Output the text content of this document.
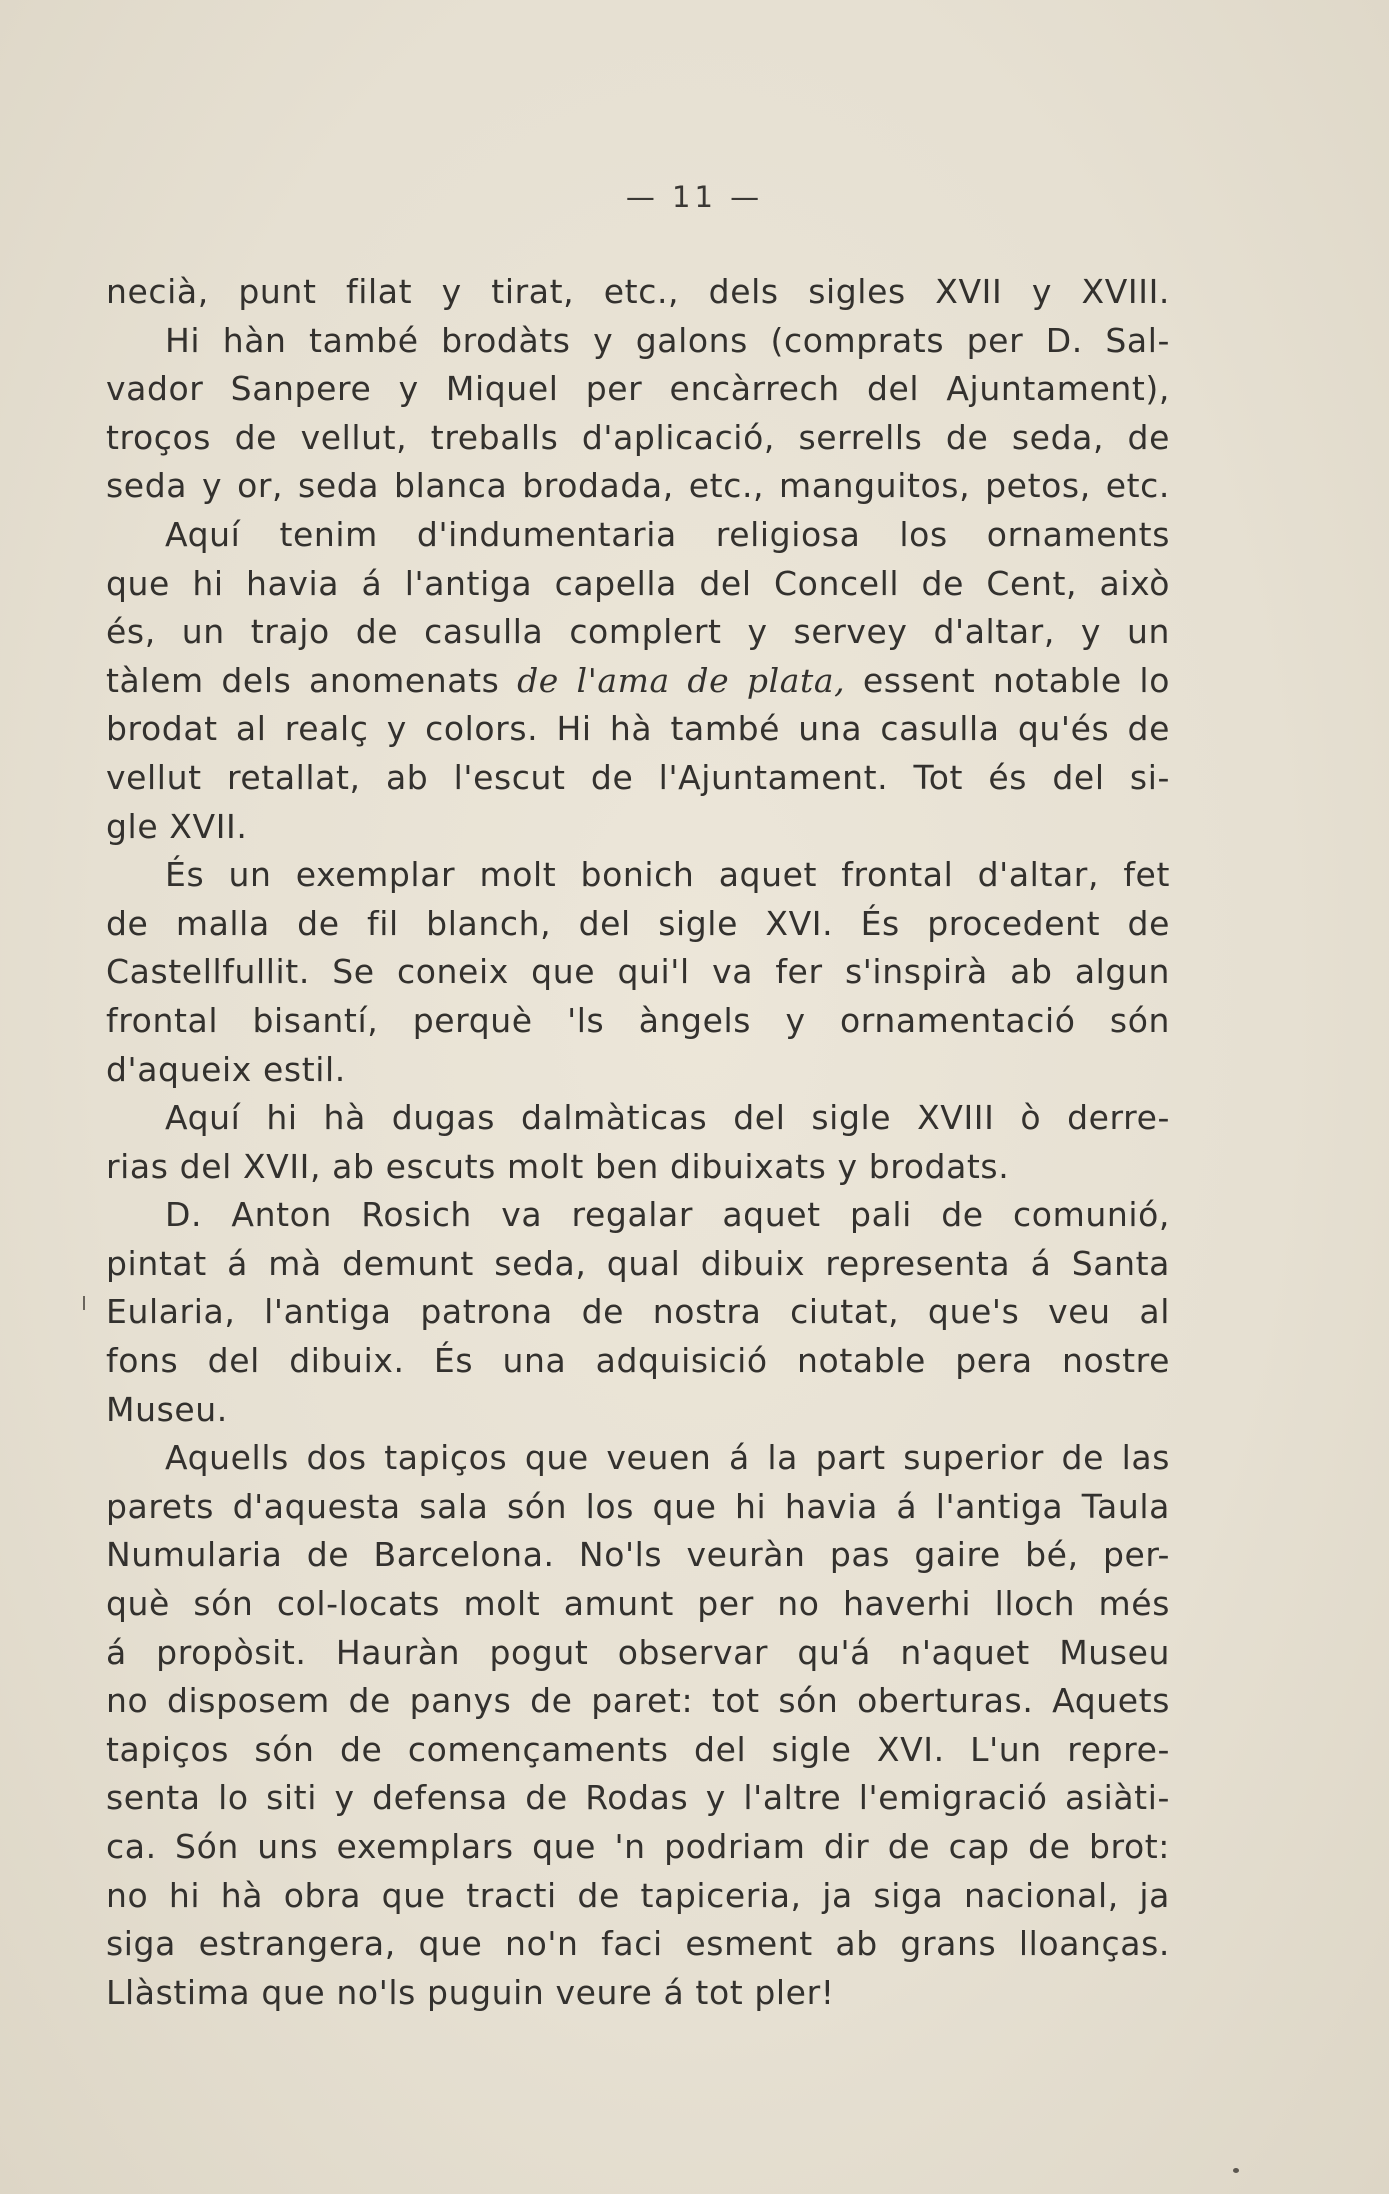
— 11 —
necià, punt filat y tirat, etc., dels sigles XVII y XVIII.
Hi hàn també brodàts y galons (comprats per D. Sal-
vador Sanpere y Miquel per encàrrech del Ajuntament),
troços de vellut, treballs d'aplicació, serrells de seda, de
seda y or, seda blanca brodada, etc., manguitos, petos, etc.
Aquí tenim d'indumentaria religiosa los ornaments
que hi havia á l'antiga capella del Concell de Cent, això
és, un trajo de casulla complert y servey d'altar, y un
tàlem dels anomenats de l'ama de plata, essent notable lo
brodat al realç y colors. Hi hà també una casulla qu'és de
vellut retallat, ab l'escut de l'Ajuntament. Tot és del si-
gle XVII.
És un exemplar molt bonich aquet frontal d'altar, fet
de malla de fil blanch, del sigle XVI. És procedent de
Castellfullit. Se coneix que qui'l va fer s'inspirà ab algun
frontal bisantí, perquè 'ls àngels y ornamentació són
d'aqueix estil.
Aquí hi hà dugas dalmàticas del sigle XVIII ò derre-
rias del XVII, ab escuts molt ben dibuixats y brodats.
D. Anton Rosich va regalar aquet pali de comunió,
pintat á mà demunt seda, qual dibuix representa á Santa
Eularia, l'antiga patrona de nostra ciutat, que's veu al
fons del dibuix. És una adquisició notable pera nostre
Museu.
Aquells dos tapiços que veuen á la part superior de las
parets d'aquesta sala són los que hi havia á l'antiga Taula
Numularia de Barcelona. No'ls veuràn pas gaire bé, per-
què són col-locats molt amunt per no haverhi lloch més
á propòsit. Hauràn pogut observar qu'á n'aquet Museu
no disposem de panys de paret: tot són oberturas. Aquets
tapiços són de començaments del sigle XVI. L'un repre-
senta lo siti y defensa de Rodas y l'altre l'emigració asiàti-
ca. Són uns exemplars que 'n podriam dir de cap de brot:
no hi hà obra que tracti de tapiceria, ja siga nacional, ja
siga estrangera, que no'n faci esment ab grans lloanças.
Llàstima que no'ls puguin veure á tot pler!
